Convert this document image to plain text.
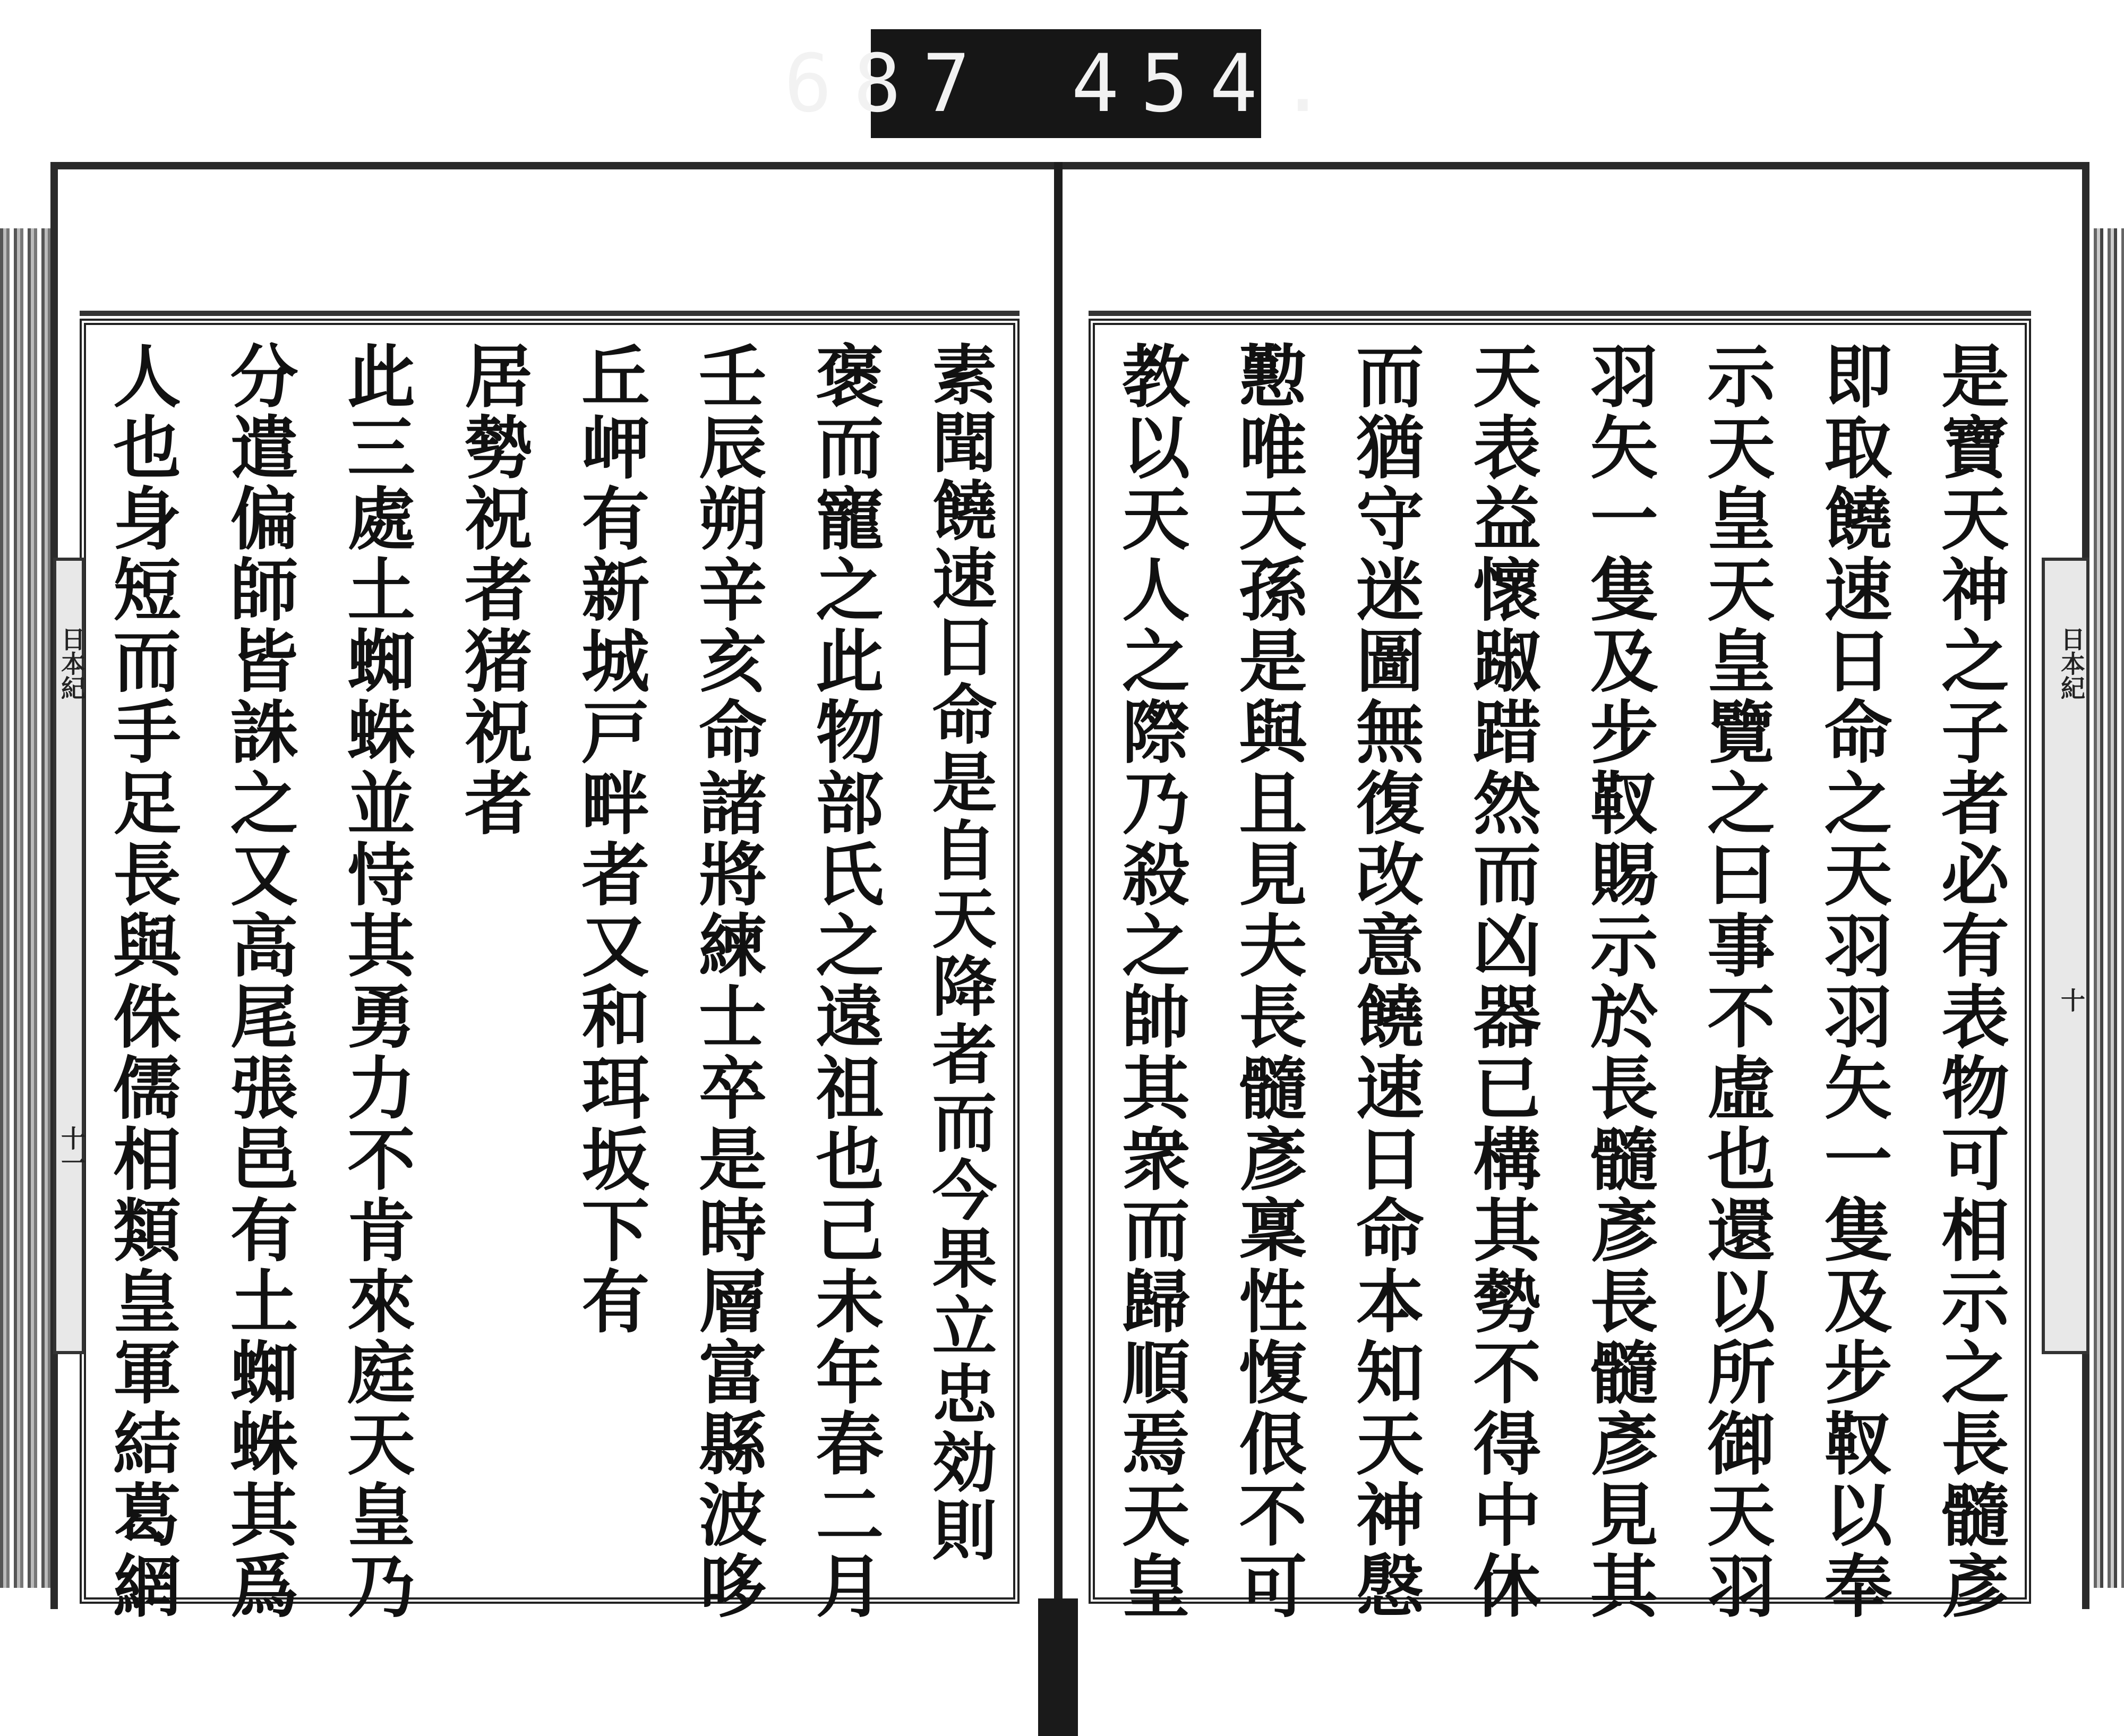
687 454.
素聞饒速日命是自天降者而今果立忠効則
褒而寵之此物部氏之遠祖也己未年春二月
壬辰朔辛亥命諸將練士卒是時層富縣波哆
丘岬有新城戸畔者又和珥坂下有
居勢祝者猪祝者
此三處土蜘蛛並恃其勇力不肯來庭天皇乃
分遣偏師皆誅之又高尾張邑有土蜘蛛其爲
人也身短而手足長與侏儒相類皇軍結葛網	是寶天神之子者必有表物可相示之長髓彥
即取饒速日命之天羽羽矢一隻及步靫以奉
示天皇天皇覽之曰事不虛也還以所御天羽
羽矢一隻及步靫賜示於長髓彥長髓彥見其
天表益懷踧踖然而凶器已構其勢不得中休
而猶守迷圖無復改意饒速日命本知天神慇
懃唯天孫是與且見夫長髓彥稟性愎佷不可
教以天人之際乃殺之帥其衆而歸順焉天皇
日本紀
十一
日本紀
十
